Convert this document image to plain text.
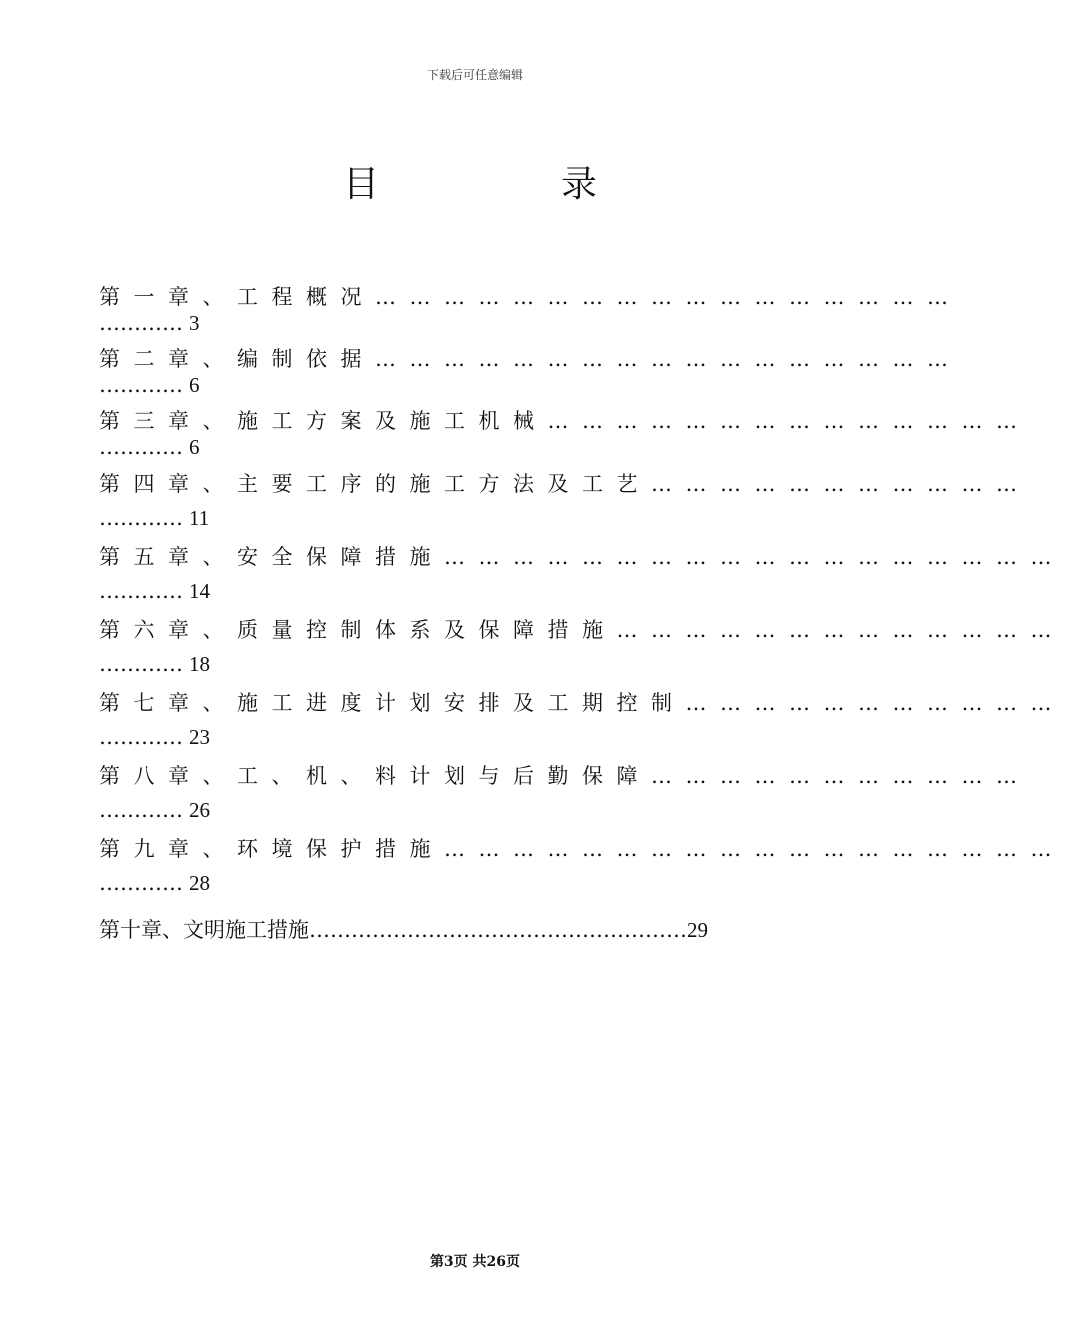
下载后可任意编辑
目	录
第一章、工程概况……………………………………………
………… 3
第二章、编制依据……………………………………………
………… 6
第三章、施工方案及施工机械……………………………………
………… 6
第四章、主要工序的施工方法及工艺……………………………
………… 11
第五章、安全保障措施………………………………………………
………… 14
第六章、质量控制体系及保障措施…………………………………
………… 18
第七章、施工进度计划安排及工期控制……………………………
………… 23
第八章、工、机、料计划与后勤保障……………………………
………… 26
第九章、环境保护措施………………………………………………
………… 28
第十章、文明施工措施………………………………………………29
第3页 共26页
